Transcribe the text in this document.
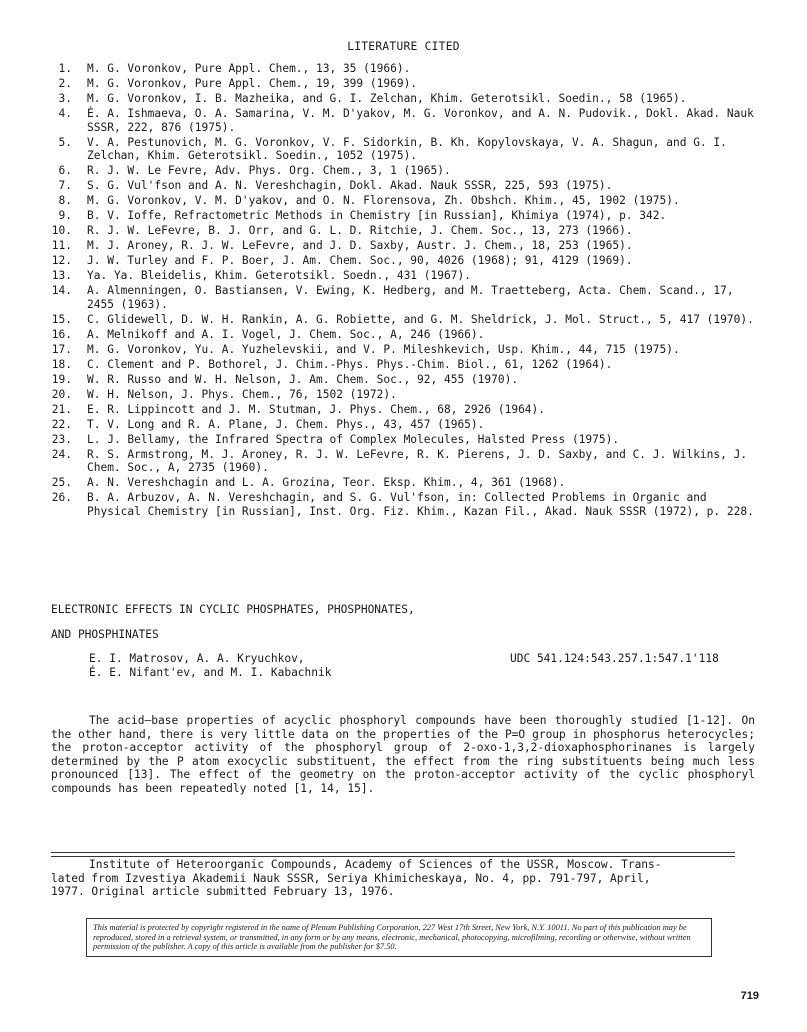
LITERATURE CITED
1. M. G. Voronkov, Pure Appl. Chem., 13, 35 (1966).
2. M. G. Voronkov, Pure Appl. Chem., 19, 399 (1969).
3. M. G. Voronkov, I. B. Mazheika, and G. I. Zelchan, Khim. Geterotsikl. Soedin., 58 (1965).
4. É. A. Ishmaeva, O. A. Samarina, V. M. D'yakov, M. G. Voronkov, and A. N. Pudovik., Dokl. Akad. Nauk SSSR, 222, 876 (1975).
5. V. A. Pestunovich, M. G. Voronkov, V. F. Sidorkin, B. Kh. Kopylovskaya, V. A. Shagun, and G. I. Zelchan, Khim. Geterotsikl. Soedin., 1052 (1975).
6. R. J. W. Le Fevre, Adv. Phys. Org. Chem., 3, 1 (1965).
7. S. G. Vul'fson and A. N. Vereshchagin, Dokl. Akad. Nauk SSSR, 225, 593 (1975).
8. M. G. Voronkov, V. M. D'yakov, and O. N. Florensova, Zh. Obshch. Khim., 45, 1902 (1975).
9. B. V. Ioffe, Refractometric Methods in Chemistry [in Russian], Khimiya (1974), p. 342.
10. R. J. W. LeFevre, B. J. Orr, and G. L. D. Ritchie, J. Chem. Soc., 13, 273 (1966).
11. M. J. Aroney, R. J. W. LeFevre, and J. D. Saxby, Austr. J. Chem., 18, 253 (1965).
12. J. W. Turley and F. P. Boer, J. Am. Chem. Soc., 90, 4026 (1968); 91, 4129 (1969).
13. Ya. Ya. Bleidelis, Khim. Geterotsikl. Soedn., 431 (1967).
14. A. Almenningen, O. Bastiansen, V. Ewing, K. Hedberg, and M. Traetteberg, Acta. Chem. Scand., 17, 2455 (1963).
15. C. Glidewell, D. W. H. Rankin, A. G. Robiette, and G. M. Sheldrick, J. Mol. Struct., 5, 417 (1970).
16. A. Melnikoff and A. I. Vogel, J. Chem. Soc., A, 246 (1966).
17. M. G. Voronkov, Yu. A. Yuzhelevskii, and V. P. Mileshkevich, Usp. Khim., 44, 715 (1975).
18. C. Clement and P. Bothorel, J. Chim.-Phys. Phys.-Chim. Biol., 61, 1262 (1964).
19. W. R. Russo and W. H. Nelson, J. Am. Chem. Soc., 92, 455 (1970).
20. W. H. Nelson, J. Phys. Chem., 76, 1502 (1972).
21. E. R. Lippincott and J. M. Stutman, J. Phys. Chem., 68, 2926 (1964).
22. T. V. Long and R. A. Plane, J. Chem. Phys., 43, 457 (1965).
23. L. J. Bellamy, the Infrared Spectra of Complex Molecules, Halsted Press (1975).
24. R. S. Armstrong, M. J. Aroney, R. J. W. LeFevre, R. K. Pierens, J. D. Saxby, and C. J. Wilkins, J. Chem. Soc., A, 2735 (1960).
25. A. N. Vereshchagin and L. A. Grozina, Teor. Eksp. Khim., 4, 361 (1968).
26. B. A. Arbuzov, A. N. Vereshchagin, and S. G. Vul'fson, in: Collected Problems in Organic and Physical Chemistry [in Russian], Inst. Org. Fiz. Khim., Kazan Fil., Akad. Nauk SSSR (1972), p. 228.
ELECTRONIC EFFECTS IN CYCLIC PHOSPHATES, PHOSPHONATES,
AND PHOSPHINATES
E. I. Matrosov, A. A. Kryuchkov,
É. E. Nifant'ev, and M. I. Kabachnik
UDC 541.124:543.257.1:547.1'118
The acid–base properties of acyclic phosphoryl compounds have been thoroughly studied [1-12]. On the other hand, there is very little data on the properties of the P=O group in phosphorus heterocycles; the proton-acceptor activity of the phosphoryl group of 2-oxo-1,3,2-dioxaphosphorinanes is largely determined by the P atom exocyclic substituent, the effect from the ring substituents being much less pronounced [13]. The effect of the geometry on the proton-acceptor activity of the cyclic phosphoryl compounds has been repeatedly noted [1, 14, 15].
Institute of Heteroorganic Compounds, Academy of Sciences of the USSR, Moscow. Trans-
lated from Izvestiya Akademii Nauk SSSR, Seriya Khimicheskaya, No. 4, pp. 791-797, April,
1977. Original article submitted February 13, 1976.
This material is protected by copyright registered in the name of Plenum Publishing Corporation, 227 West 17th Street, New York, N.Y. 10011. No part of this publication may be reproduced, stored in a retrieval system, or transmitted, in any form or by any means, electronic, mechanical, photocopying, microfilming, recording or otherwise, without written permission of the publisher. A copy of this article is available from the publisher for $7.50.
719
